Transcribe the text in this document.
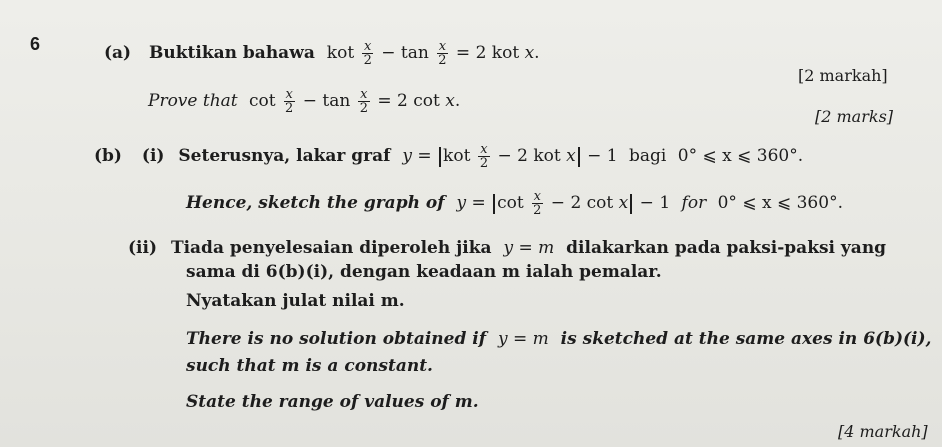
6	(a) Buktikan bahawa kot $\frac{x}{2} - \tan \frac{x}{2} = 2$ kot x.
[2 markah]
Prove that $\cot \frac{x}{2} - \tan \frac{x}{2} = 2$ cot x.
[2 marks]
(b) (i) Seterusnya, lakar graf y = kot $\frac{x}{2} - 2$ kot x − 1 bagi 0° ⩽ x ⩽ 360°.
Hence, sketch the graph of $y = \cot \frac{x}{2} - 2$ cot x − 1 for 0° ⩽ x ⩽ 360°.
(ii) Tiada penyelesaian diperoleh jika y = m dilakarkan pada paksi-paksi yang
sama di 6(b)(i), dengan keadaan m ialah pemalar.
Nyatakan julat nilai m.
There is no solution obtained if y = m is sketched at the same axes in 6(b)(i),
such that m is a constant.
State the range of values of m.
[4 markah]
